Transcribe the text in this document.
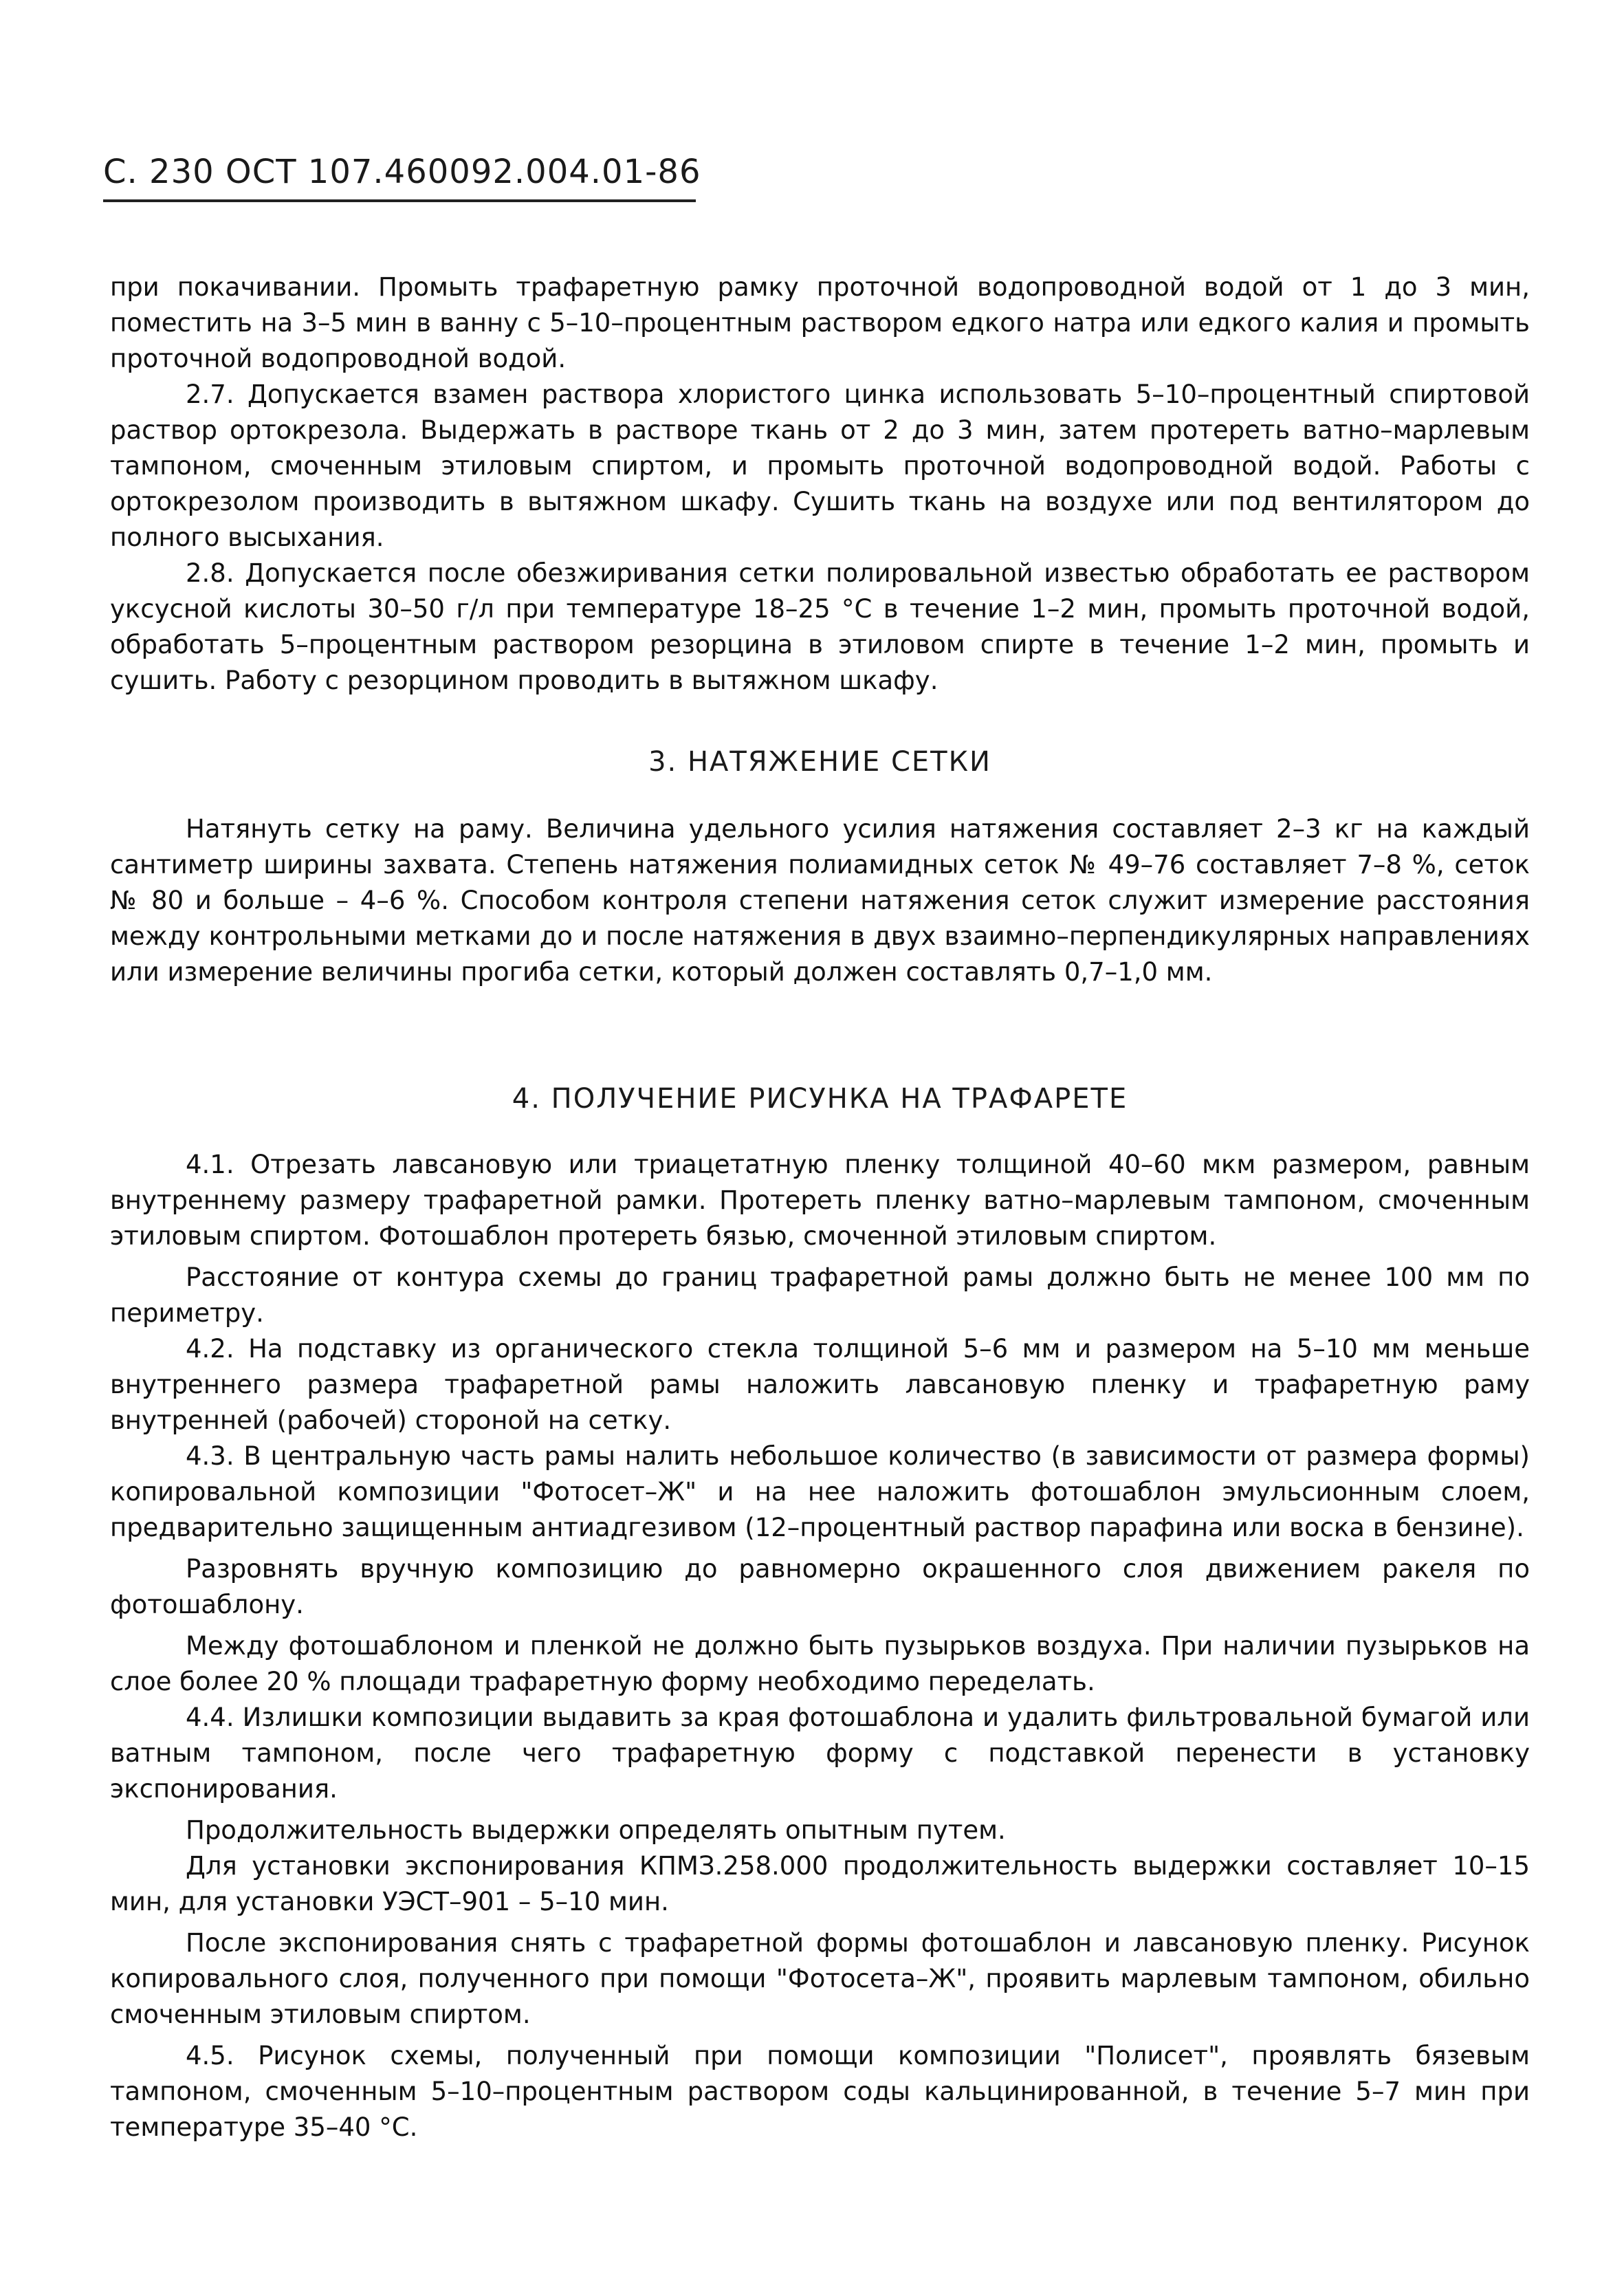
С. 230 ОСТ 107.460092.004.01-86

при покачивании. Промыть трафаретную рамку проточной водопроводной водой от 1 до 3 мин, поместить на 3–5 мин в ванну с 5–10–процентным раствором едкого натра или едкого калия и промыть проточной водопроводной водой.

2.7. Допускается взамен раствора хлористого цинка использовать 5–10–процентный спиртовой раствор ортокрезола. Выдержать в растворе ткань от 2 до 3 мин, затем протереть ватно–марлевым тампоном, смоченным этиловым спиртом, и промыть проточной водопроводной водой. Работы с ортокрезолом производить в вытяжном шкафу. Сушить ткань на воздухе или под вентилятором до полного высыхания.

2.8. Допускается после обезжиривания сетки полировальной известью обработать ее раствором уксусной кислоты 30–50 г/л при температуре 18–25 °С в течение 1–2 мин, промыть проточной водой, обработать 5–процентным раствором резорцина в этиловом спирте в течение 1–2 мин, промыть и сушить. Работу с резорцином проводить в вытяжном шкафу.

3. НАТЯЖЕНИЕ СЕТКИ

Натянуть сетку на раму. Величина удельного усилия натяжения составляет 2–3 кг на каждый сантиметр ширины захвата. Степень натяжения полиамидных сеток № 49–76 составляет 7–8 %, сеток № 80 и больше – 4–6 %. Способом контроля степени натяжения сеток служит измерение расстояния между контрольными метками до и после натяжения в двух взаимно–перпендикулярных направлениях или измерение величины прогиба сетки, который должен составлять 0,7–1,0 мм.

4. ПОЛУЧЕНИЕ РИСУНКА НА ТРАФАРЕТЕ

4.1. Отрезать лавсановую или триацетатную пленку толщиной 40–60 мкм размером, равным внутреннему размеру трафаретной рамки. Протереть пленку ватно–марлевым тампоном, смоченным этиловым спиртом. Фотошаблон протереть бязью, смоченной этиловым спиртом.

Расстояние от контура схемы до границ трафаретной рамы должно быть не менее 100 мм по периметру.

4.2. На подставку из органического стекла толщиной 5–6 мм и размером на 5–10 мм меньше внутреннего размера трафаретной рамы наложить лавсановую пленку и трафаретную раму внутренней (рабочей) стороной на сетку.

4.3. В центральную часть рамы налить небольшое количество (в зависимости от размера формы) копировальной композиции "Фотосет–Ж" и на нее наложить фотошаблон эмульсионным слоем, предварительно защищенным антиадгезивом (12–процентный раствор парафина или воска в бензине).

Разровнять вручную композицию до равномерно окрашенного слоя движением ракеля по фотошаблону.

Между фотошаблоном и пленкой не должно быть пузырьков воздуха. При наличии пузырьков на слое более 20 % площади трафаретную форму необходимо переделать.

4.4. Излишки композиции выдавить за края фотошаблона и удалить фильтровальной бумагой или ватным тампоном, после чего трафаретную форму с подставкой перенести в установку экспонирования.

Продолжительность выдержки определять опытным путем.

Для установки экспонирования КПМЗ.258.000 продолжительность выдержки составляет 10–15 мин, для установки УЭСТ–901 – 5–10 мин.

После экспонирования снять с трафаретной формы фотошаблон и лавсановую пленку. Рисунок копировального слоя, полученного при помощи "Фотосета–Ж", проявить марлевым тампоном, обильно смоченным этиловым спиртом.

4.5. Рисунок схемы, полученный при помощи композиции "Полисет", проявлять бязевым тампоном, смоченным 5–10–процентным раствором соды кальцинированной, в течение 5–7 мин при температуре 35–40 °С.
